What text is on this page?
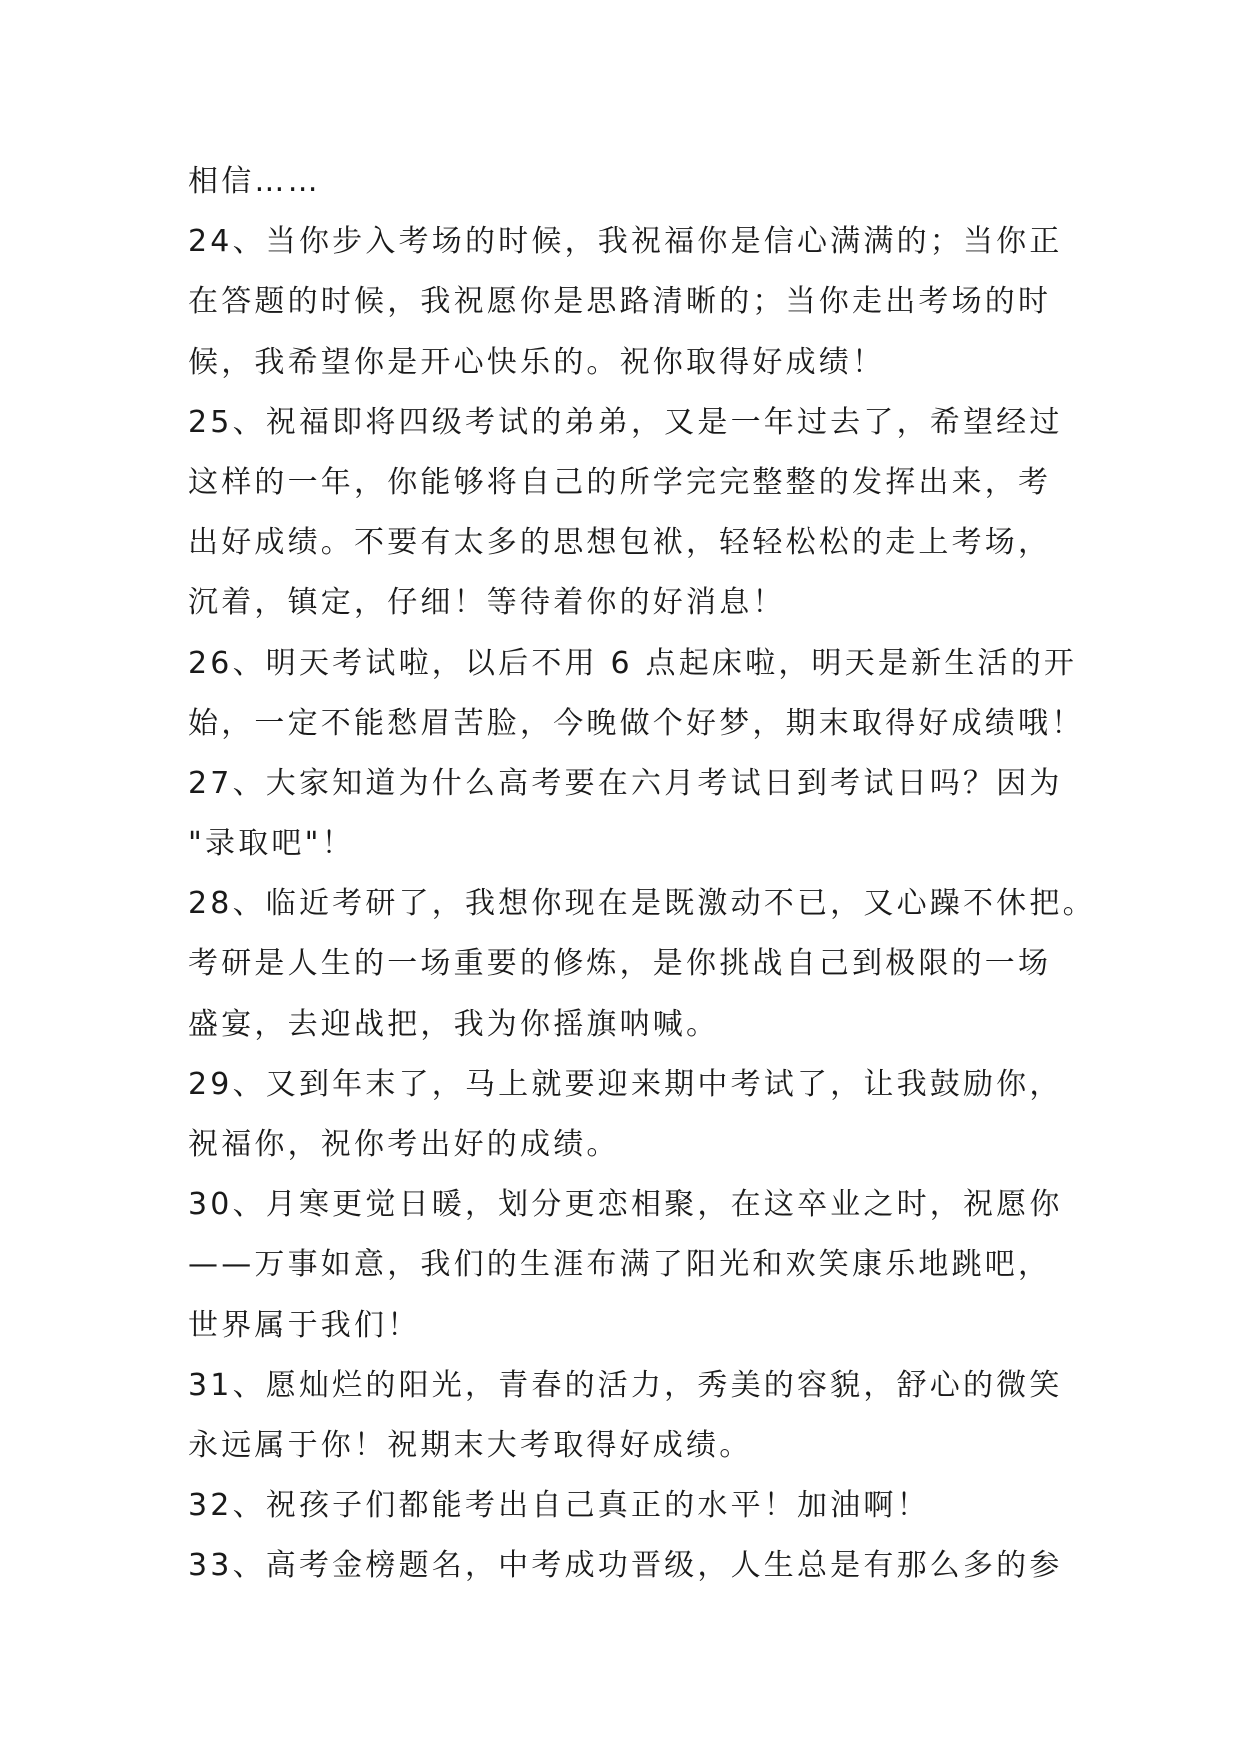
相信……
24、当你步入考场的时候，我祝福你是信心满满的；当你正
在答题的时候，我祝愿你是思路清晰的；当你走出考场的时
候，我希望你是开心快乐的。祝你取得好成绩！
25、祝福即将四级考试的弟弟，又是一年过去了，希望经过
这样的一年，你能够将自己的所学完完整整的发挥出来，考
出好成绩。不要有太多的思想包袱，轻轻松松的走上考场，
沉着，镇定，仔细！等待着你的好消息！
26、明天考试啦，以后不用 6 点起床啦，明天是新生活的开
始，一定不能愁眉苦脸，今晚做个好梦，期末取得好成绩哦！
27、大家知道为什么高考要在六月考试日到考试日吗？因为
"录取吧"！
28、临近考研了，我想你现在是既激动不已，又心躁不休把。
考研是人生的一场重要的修炼，是你挑战自己到极限的一场
盛宴，去迎战把，我为你摇旗呐喊。
29、又到年末了，马上就要迎来期中考试了，让我鼓励你，
祝福你，祝你考出好的成绩。
30、月寒更觉日暖，划分更恋相聚，在这卒业之时，祝愿你
——万事如意，我们的生涯布满了阳光和欢笑康乐地跳吧，
世界属于我们！
31、愿灿烂的阳光，青春的活力，秀美的容貌，舒心的微笑
永远属于你！祝期末大考取得好成绩。
32、祝孩子们都能考出自己真正的水平！加油啊！
33、高考金榜题名，中考成功晋级，人生总是有那么多的参
